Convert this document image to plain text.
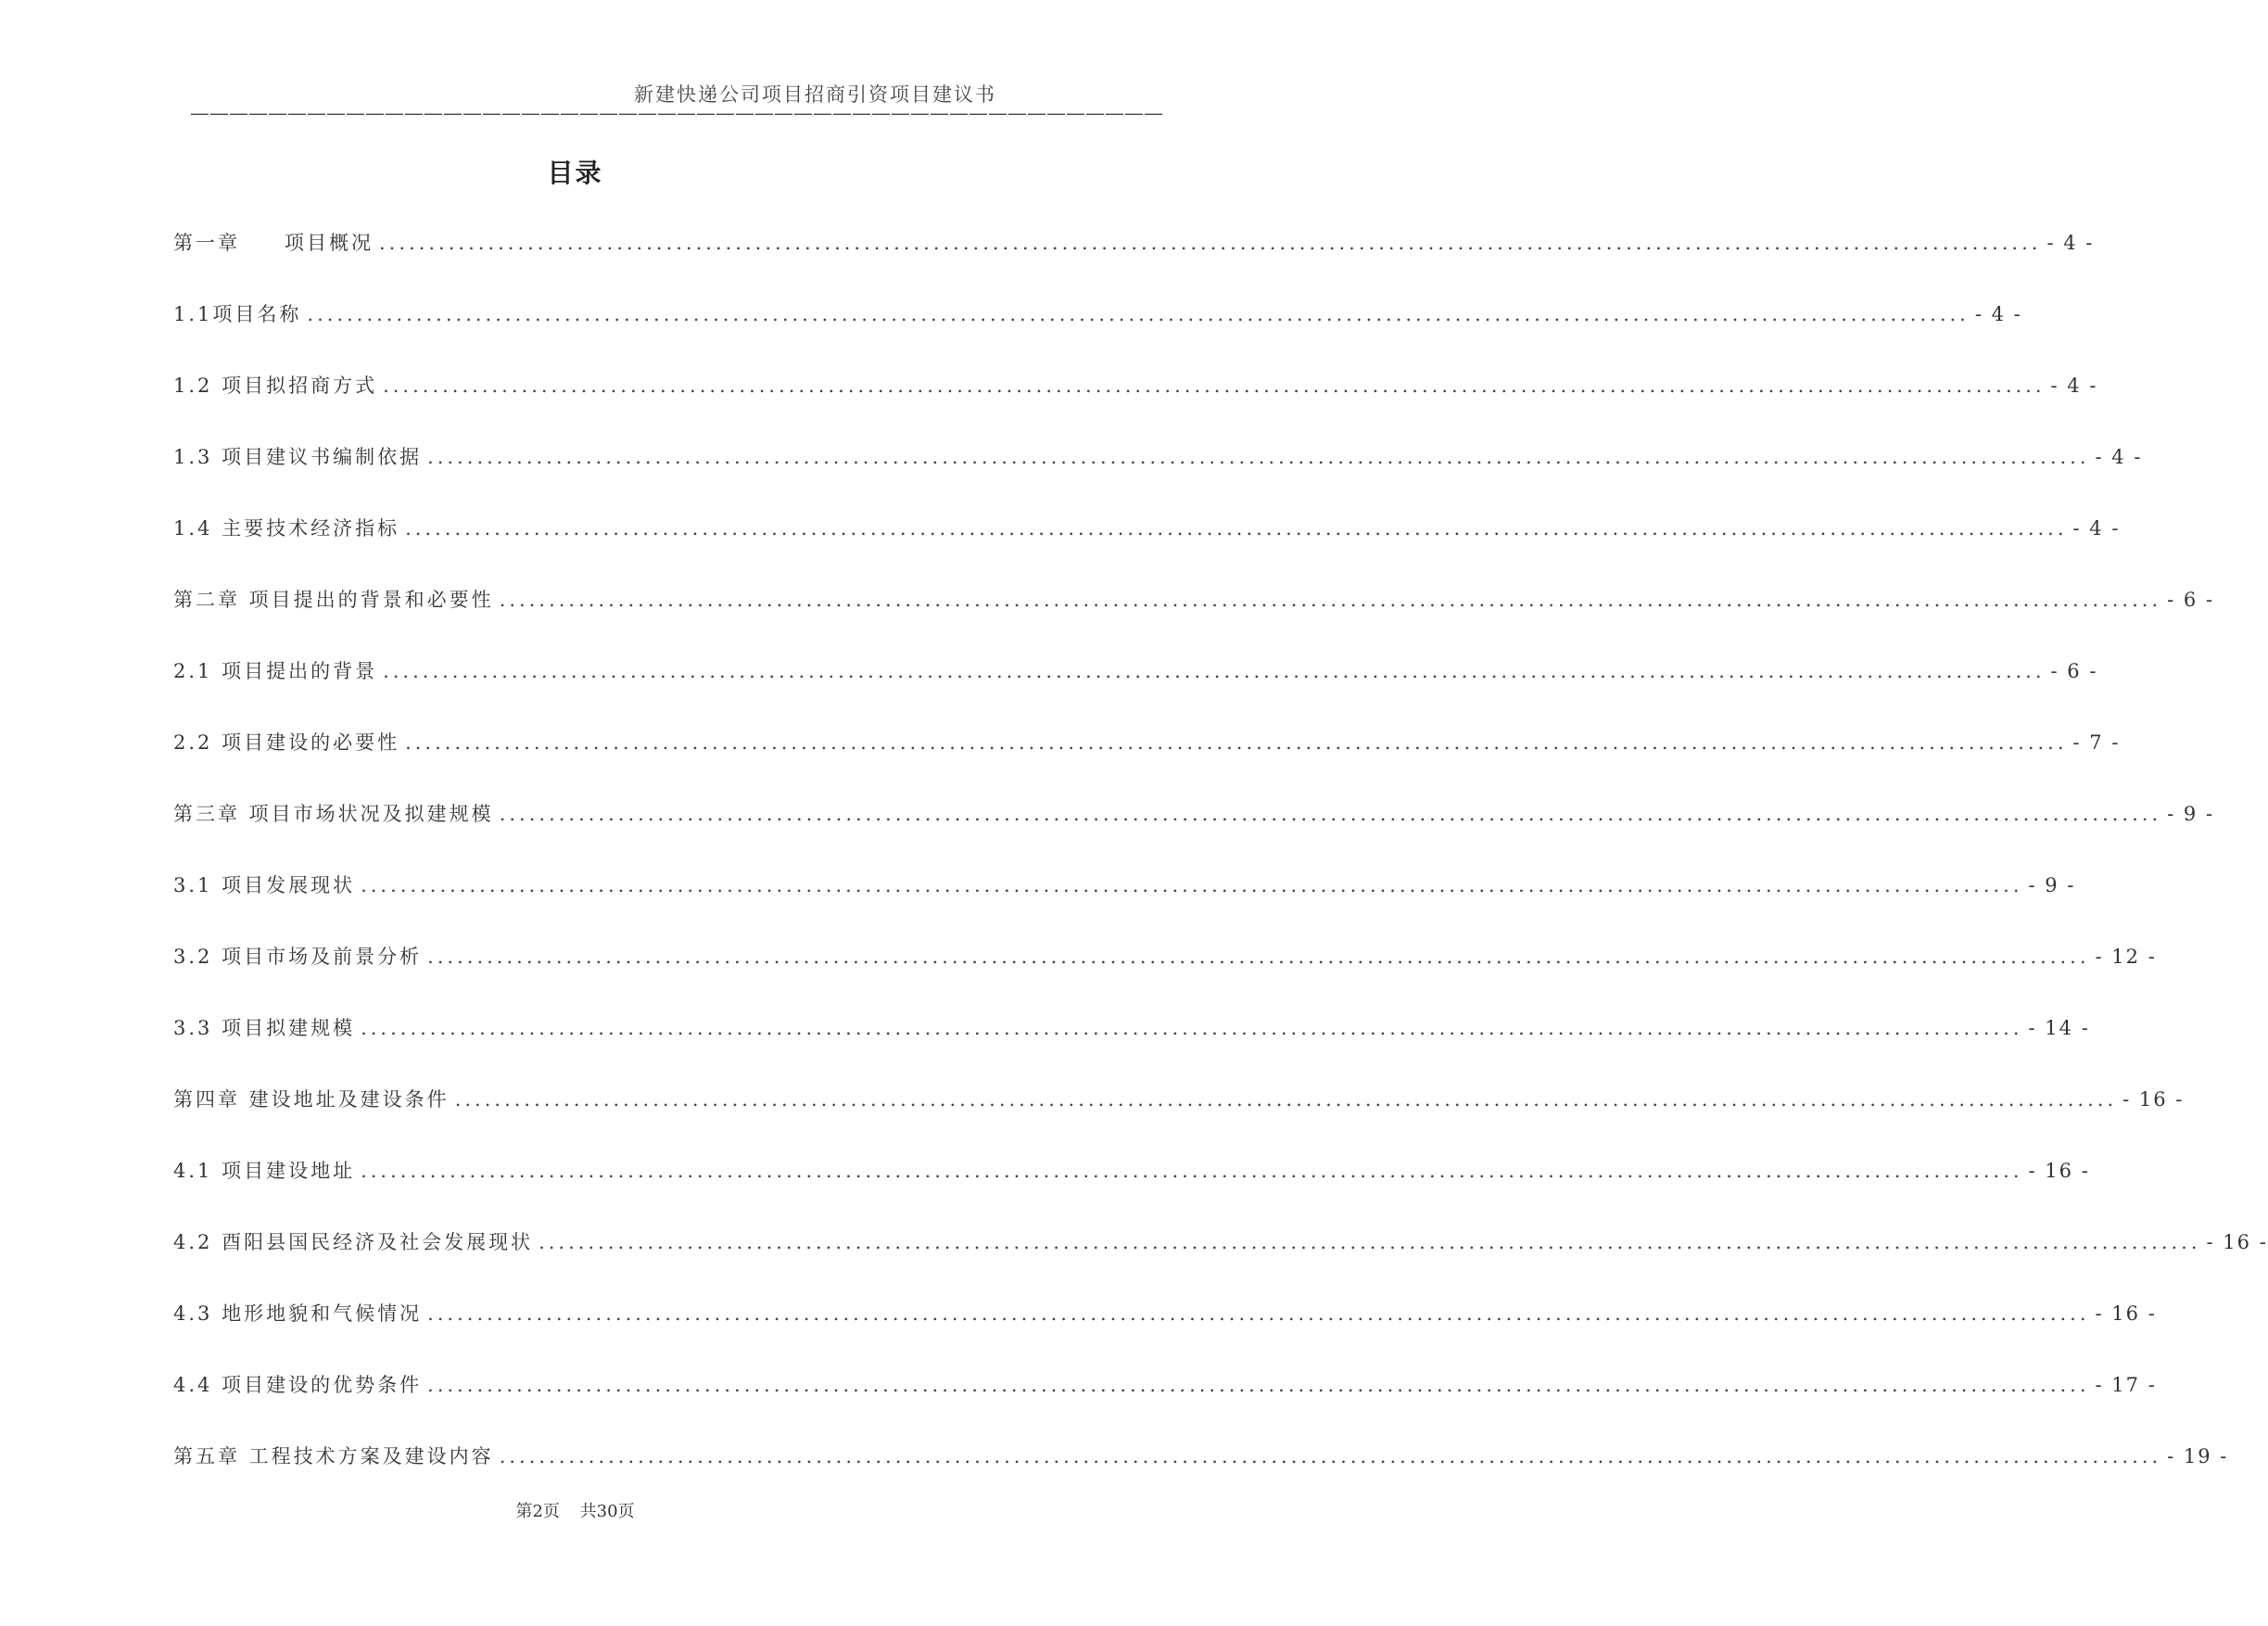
新建快递公司项目招商引资项目建议书
——————————————————————————————————————————————————
目录
第一章　　项目概况 .....	- 4 -
1.1项目名称 .....	- 4 -
1.2 项目拟招商方式 .....	- 4 -
1.3 项目建议书编制依据 .....	- 4 -
1.4 主要技术经济指标 .....	- 4 -
第二章 项目提出的背景和必要性 .....	- 6 -
2.1 项目提出的背景 .....	- 6 -
2.2 项目建设的必要性 .....	- 7 -
第三章 项目市场状况及拟建规模 .....	- 9 -
3.1 项目发展现状 .....	- 9 -
3.2 项目市场及前景分析 .....	- 12 -
3.3 项目拟建规模 .....	- 14 -
第四章 建设地址及建设条件 .....	- 16 -
4.1 项目建设地址 .....	- 16 -
4.2 酉阳县国民经济及社会发展现状 .....	- 16 -
4.3 地形地貌和气候情况 .....	- 16 -
4.4 项目建设的优势条件 .....	- 17 -
第五章 工程技术方案及建设内容 .....	- 19 -
第2页 共30页
